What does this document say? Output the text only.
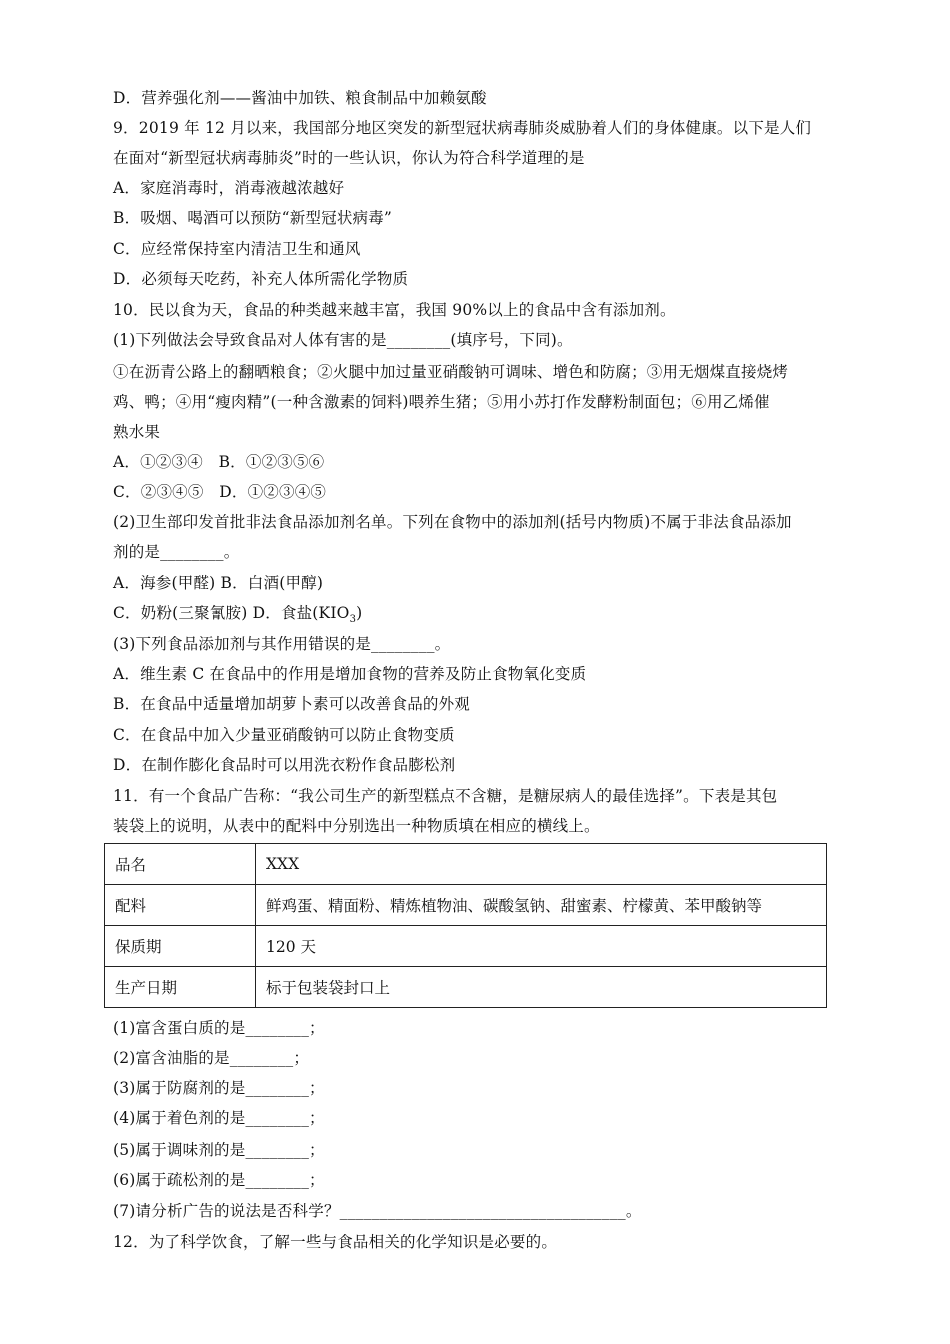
D．营养强化剂——酱油中加铁、粮食制品中加赖氨酸
9．2019 年 12 月以来，我国部分地区突发的新型冠状病毒肺炎威胁着人们的身体健康。以下是人们
在面对“新型冠状病毒肺炎”时的一些认识，你认为符合科学道理的是
A．家庭消毒时，消毒液越浓越好
B．吸烟、喝酒可以预防“新型冠状病毒”
C．应经常保持室内清洁卫生和通风
D．必须每天吃药，补充人体所需化学物质
10．民以食为天，食品的种类越来越丰富，我国 90%以上的食品中含有添加剂。
(1)下列做法会导致食品对人体有害的是________(填序号，下同)。
①在沥青公路上的翻晒粮食；②火腿中加过量亚硝酸钠可调味、增色和防腐；③用无烟煤直接烧烤
鸡、鸭；④用“瘦肉精”(一种含激素的饲料)喂养生猪；⑤用小苏打作发酵粉制面包；⑥用乙烯催
熟水果
A．①②③④　B．①②③⑤⑥
C．②③④⑤　D．①②③④⑤
(2)卫生部印发首批非法食品添加剂名单。下列在食物中的添加剂(括号内物质)不属于非法食品添加
剂的是________。
A．海参(甲醛) B．白酒(甲醇)
C．奶粉(三聚氰胺) D．食盐$(KIO_3)$
(3)下列食品添加剂与其作用错误的是________。
A．维生素 C 在食品中的作用是增加食物的营养及防止食物氧化变质
B．在食品中适量增加胡萝卜素可以改善食品的外观
C．在食品中加入少量亚硝酸钠可以防止食物变质
D．在制作膨化食品时可以用洗衣粉作食品膨松剂
11．有一个食品广告称：“我公司生产的新型糕点不含糖，是糖尿病人的最佳选择”。下表是其包
装袋上的说明，从表中的配料中分别选出一种物质填在相应的横线上。
品名	XXX
配料	鲜鸡蛋、精面粉、精炼植物油、碳酸氢钠、甜蜜素、柠檬黄、苯甲酸钠等
保质期	120 天
生产日期	标于包装袋封口上
(1)富含蛋白质的是________；
(2)富含油脂的是________；
(3)属于防腐剂的是________；
(4)属于着色剂的是________；
(5)属于调味剂的是________；
(6)属于疏松剂的是________；
(7)请分析广告的说法是否科学？____________________________________。
12．为了科学饮食，了解一些与食品相关的化学知识是必要的。
